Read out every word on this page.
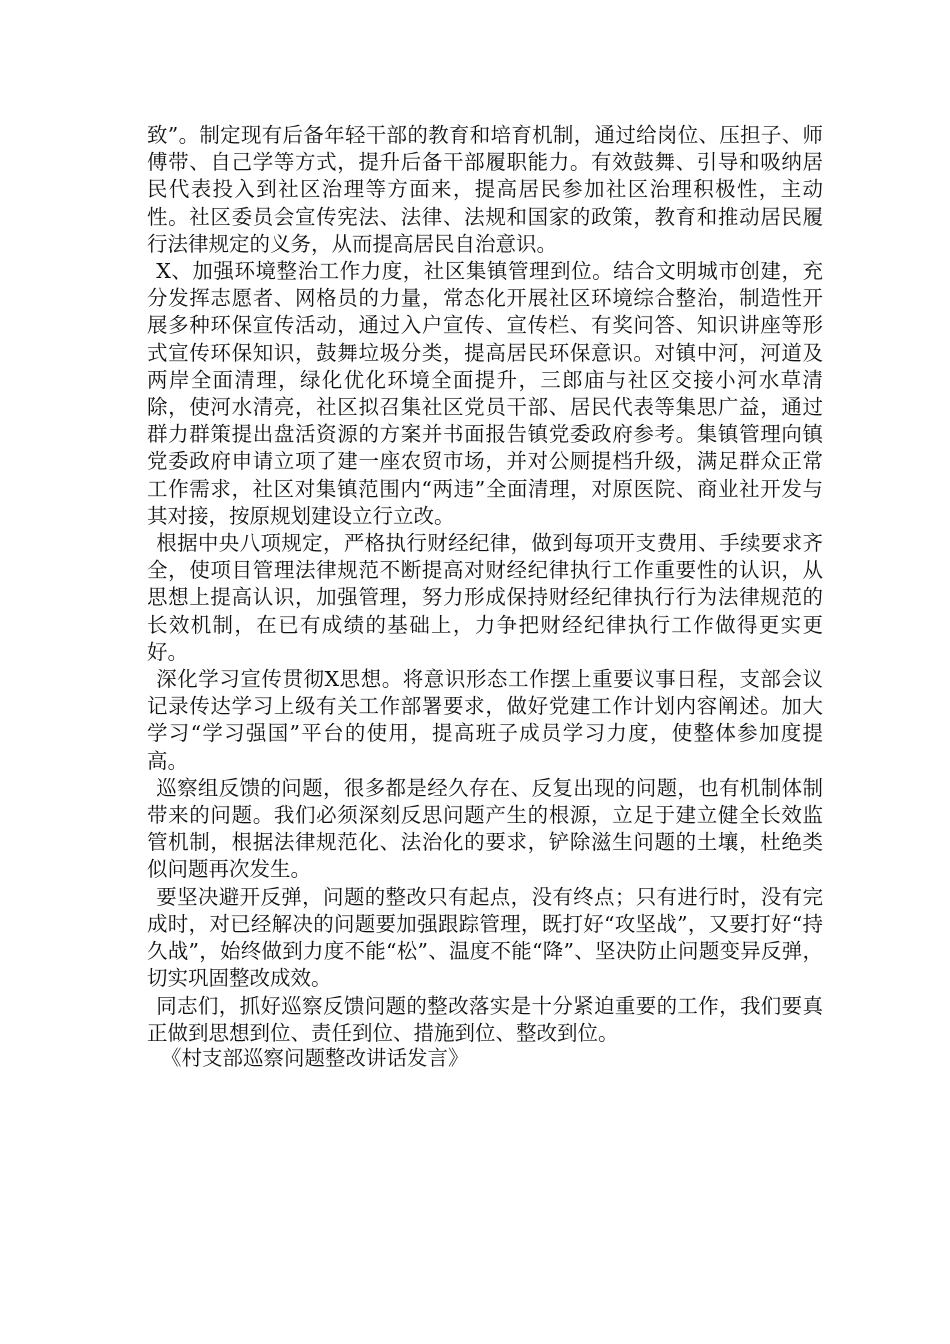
致”。制定现有后备年轻干部的教育和培育机制，通过给岗位、压担子、师傅带、自己学等方式，提升后备干部履职能力。有效鼓舞、引导和吸纳居民代表投入到社区治理等方面来，提高居民参加社区治理积极性，主动性。社区委员会宣传宪法、法律、法规和国家的政策，教育和推动居民履行法律规定的义务，从而提高居民自治意识。

X、加强环境整治工作力度，社区集镇管理到位。结合文明城市创建，充分发挥志愿者、网格员的力量，常态化开展社区环境综合整治，制造性开展多种环保宣传活动，通过入户宣传、宣传栏、有奖问答、知识讲座等形式宣传环保知识，鼓舞垃圾分类，提高居民环保意识。对镇中河，河道及两岸全面清理，绿化优化环境全面提升，三郎庙与社区交接小河水草清除，使河水清亮，社区拟召集社区党员干部、居民代表等集思广益，通过群力群策提出盘活资源的方案并书面报告镇党委政府参考。集镇管理向镇党委政府申请立项了建一座农贸市场，并对公厕提档升级，满足群众正常工作需求，社区对集镇范围内“两违”全面清理，对原医院、商业社开发与其对接，按原规划建设立行立改。

根据中央八项规定，严格执行财经纪律，做到每项开支费用、手续要求齐全，使项目管理法律规范不断提高对财经纪律执行工作重要性的认识，从思想上提高认识，加强管理，努力形成保持财经纪律执行行为法律规范的长效机制，在已有成绩的基础上，力争把财经纪律执行工作做得更实更好。

深化学习宣传贯彻X思想。将意识形态工作摆上重要议事日程，支部会议记录传达学习上级有关工作部署要求，做好党建工作计划内容阐述。加大学习“学习强国”平台的使用，提高班子成员学习力度，使整体参加度提高。

巡察组反馈的问题，很多都是经久存在、反复出现的问题，也有机制体制带来的问题。我们必须深刻反思问题产生的根源，立足于建立健全长效监管机制，根据法律规范化、法治化的要求，铲除滋生问题的土壤，杜绝类似问题再次发生。

要坚决避开反弹，问题的整改只有起点，没有终点；只有进行时，没有完成时，对已经解决的问题要加强跟踪管理，既打好“攻坚战”，又要打好“持久战”，始终做到力度不能“松”、温度不能“降”、坚决防止问题变异反弹，切实巩固整改成效。

同志们，抓好巡察反馈问题的整改落实是十分紧迫重要的工作，我们要真正做到思想到位、责任到位、措施到位、整改到位。

《村支部巡察问题整改讲话发言》
